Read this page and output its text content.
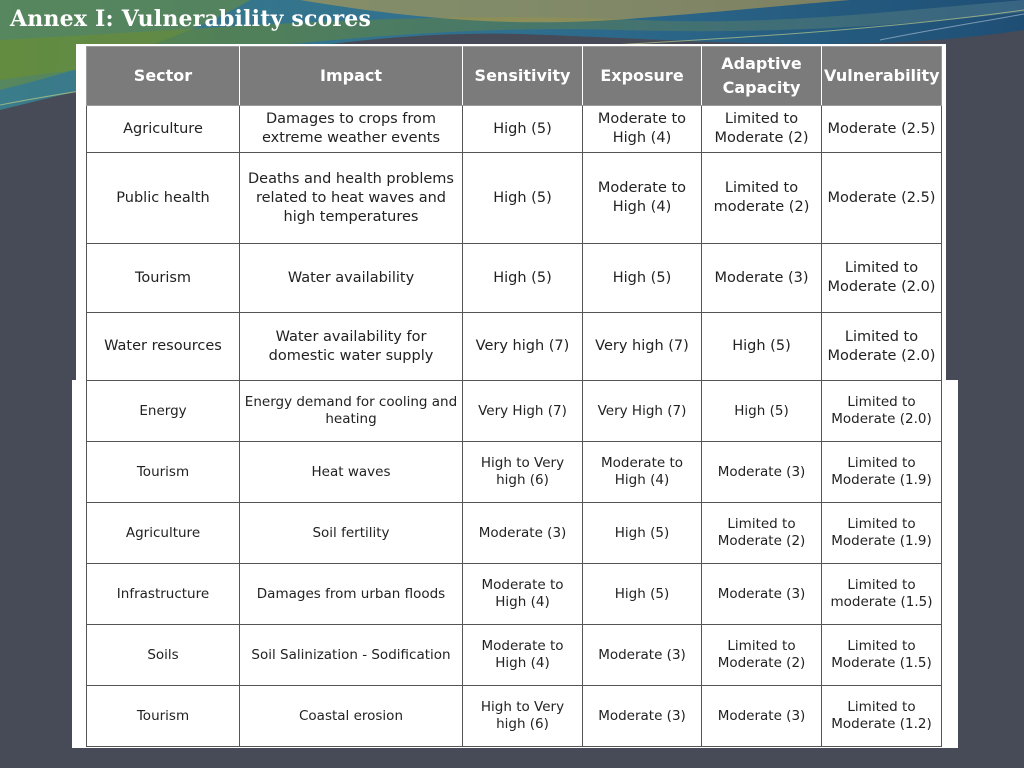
Annex I: Vulnerability scores
Sector	Impact	Sensitivity	Exposure	Adaptive Capacity	Vulnerability
Agriculture	Damages to crops from extreme weather events	High (5)	Moderate to High (4)	Limited to Moderate (2)	Moderate (2.5)
Public health	Deaths and health problems related to heat waves and high temperatures	High (5)	Moderate to High (4)	Limited to moderate (2)	Moderate (2.5)
Tourism	Water availability	High (5)	High (5)	Moderate (3)	Limited to Moderate (2.0)
Water resources	Water availability for domestic water supply	Very high (7)	Very high (7)	High (5)	Limited to Moderate (2.0)
Energy	Energy demand for cooling and heating	Very High (7)	Very High (7)	High (5)	Limited to Moderate (2.0)
Tourism	Heat waves	High to Very high (6)	Moderate to High (4)	Moderate (3)	Limited to Moderate (1.9)
Agriculture	Soil fertility	Moderate (3)	High (5)	Limited to Moderate (2)	Limited to Moderate (1.9)
Infrastructure	Damages from urban floods	Moderate to High (4)	High (5)	Moderate (3)	Limited to moderate (1.5)
Soils	Soil Salinization - Sodification	Moderate to High (4)	Moderate (3)	Limited to Moderate (2)	Limited to Moderate (1.5)
Tourism	Coastal erosion	High to Very high (6)	Moderate (3)	Moderate (3)	Limited to Moderate (1.2)
